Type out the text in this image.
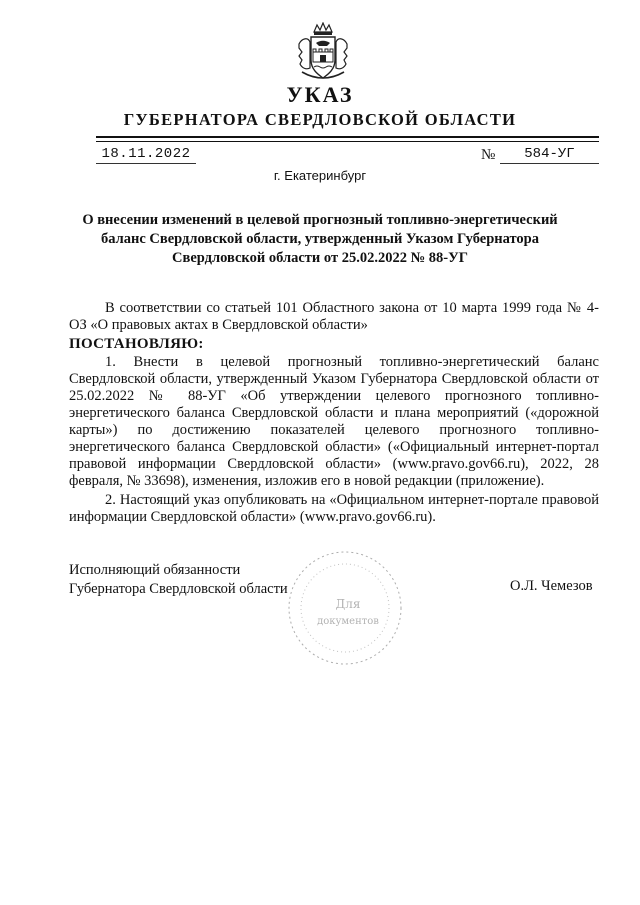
УКАЗ
ГУБЕРНАТОРА СВЕРДЛОВСКОЙ ОБЛАСТИ
18.11.2022	№	584-УГ
г. Екатеринбург
О внесении изменений в целевой прогнозный топливно-энергетический баланс Свердловской области, утвержденный Указом Губернатора Свердловской области от 25.02.2022 № 88-УГ

В соответствии со статьей 101 Областного закона от 10 марта 1999 года № 4-ОЗ «О правовых актах в Свердловской области»

ПОСТАНОВЛЯЮ:

1. Внести в целевой прогнозный топливно-энергетический баланс Свердловской области, утвержденный Указом Губернатора Свердловской области от 25.02.2022 № 88-УГ «Об утверждении целевого прогнозного топливно-энергетического баланса Свердловской области и плана мероприятий («дорожной карты») по достижению показателей целевого прогнозного топливно-энергетического баланса Свердловской области» («Официальный интернет-портал правовой информации Свердловской области» (www.pravo.gov66.ru), 2022, 28 февраля, № 33698), изменения, изложив его в новой редакции (приложение).

2. Настоящий указ опубликовать на «Официальном интернет-портале правовой информации Свердловской области» (www.pravo.gov66.ru).

Исполняющий обязанности
Губернатора Свердловской области	О.Л. Чемезов
Для
документов
